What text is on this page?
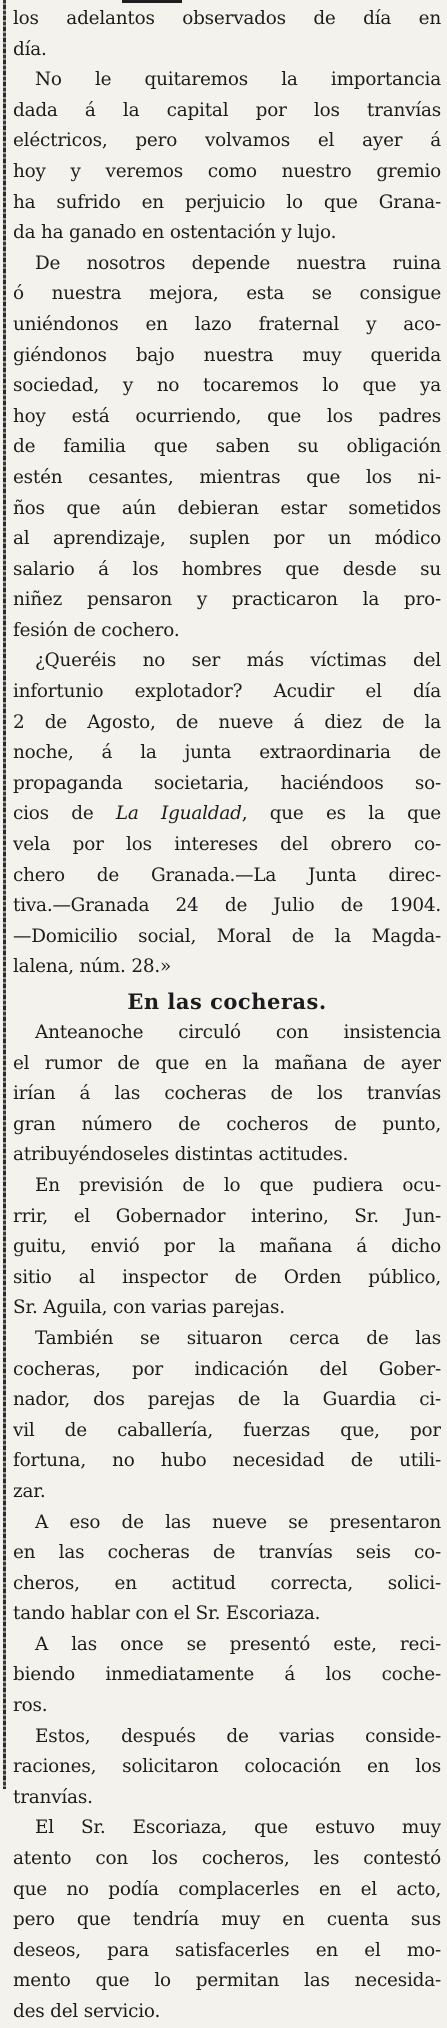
los adelantos observados de día en
día.
No le quitaremos la importancia
dada á la capital por los tranvías
eléctricos, pero volvamos el ayer á
hoy y veremos como nuestro gremio
ha sufrido en perjuicio lo que Grana-
da ha ganado en ostentación y lujo.
De nosotros depende nuestra ruina
ó nuestra mejora, esta se consigue
uniéndonos en lazo fraternal y aco-
giéndonos bajo nuestra muy querida
sociedad, y no tocaremos lo que ya
hoy está ocurriendo, que los padres
de familia que saben su obligación
estén cesantes, mientras que los ni-
ños que aún debieran estar sometidos
al aprendizaje, suplen por un módico
salario á los hombres que desde su
niñez pensaron y practicaron la pro-
fesión de cochero.
¿Queréis no ser más víctimas del
infortunio explotador? Acudir el día
2 de Agosto, de nueve á diez de la
noche, á la junta extraordinaria de
propaganda societaria, haciéndoos so-
cios de La Igualdad, que es la que
vela por los intereses del obrero co-
chero de Granada.—La Junta direc-
tiva.—Granada 24 de Julio de 1904.
—Domicilio social, Moral de la Magda-
lalena, núm. 28.»
En las cocheras.
Anteanoche circuló con insistencia
el rumor de que en la mañana de ayer
irían á las cocheras de los tranvías
gran número de cocheros de punto,
atribuyéndoseles distintas actitudes.
En previsión de lo que pudiera ocu-
rrir, el Gobernador interino, Sr. Jun-
guitu, envió por la mañana á dicho
sitio al inspector de Orden público,
Sr. Aguila, con varias parejas.
También se situaron cerca de las
cocheras, por indicación del Gober-
nador, dos parejas de la Guardia ci-
vil de caballería, fuerzas que, por
fortuna, no hubo necesidad de utili-
zar.
A eso de las nueve se presentaron
en las cocheras de tranvías seis co-
cheros, en actitud correcta, solici-
tando hablar con el Sr. Escoriaza.
A las once se presentó este, reci-
biendo inmediatamente á los coche-
ros.
Estos, después de varias conside-
raciones, solicitaron colocación en los
tranvías.
El Sr. Escoriaza, que estuvo muy
atento con los cocheros, les contestó
que no podía complacerles en el acto,
pero que tendría muy en cuenta sus
deseos, para satisfacerles en el mo-
mento que lo permitan las necesida-
des del servicio.
